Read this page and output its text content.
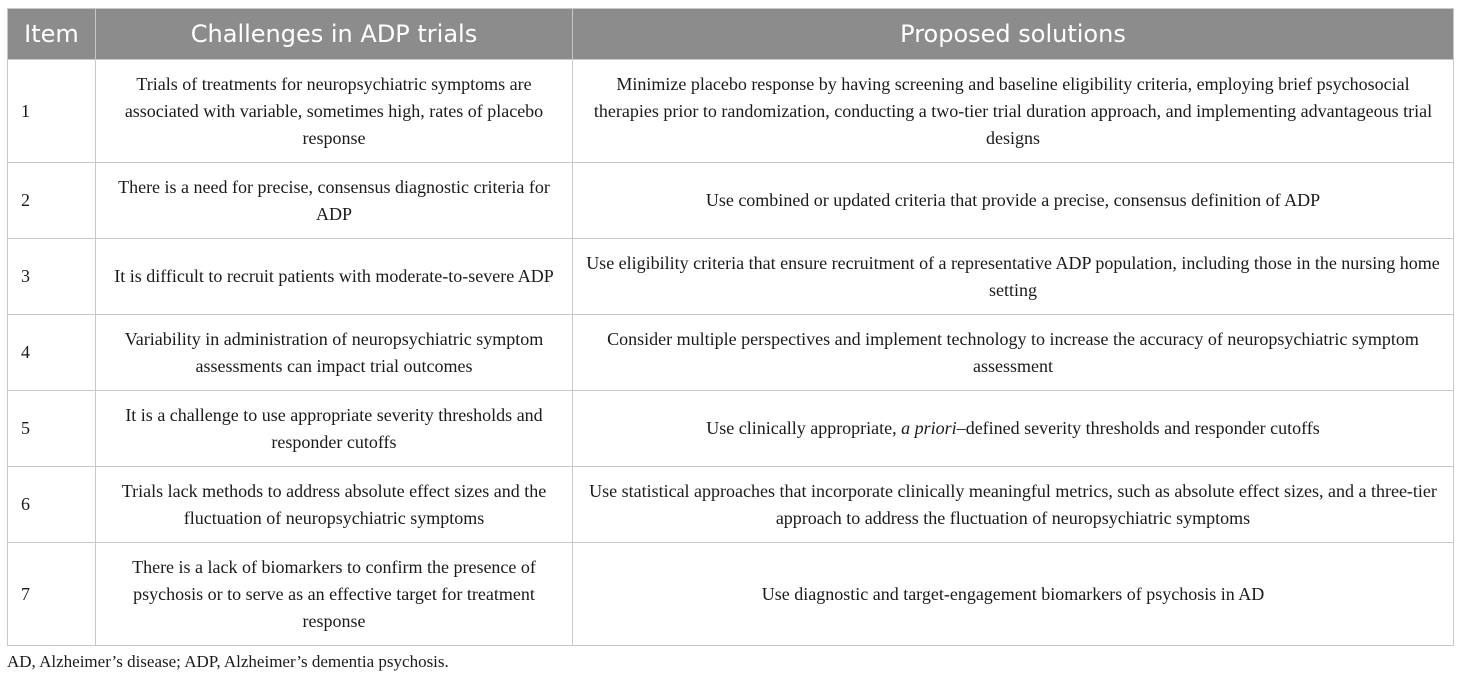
Item	Challenges in ADP trials	Proposed solutions
1	Trials of treatments for neuropsychiatric symptoms are associated with variable, sometimes high, rates of placebo response	Minimize placebo response by having screening and baseline eligibility criteria, employing brief psychosocial therapies prior to randomization, conducting a two-tier trial duration approach, and implementing advantageous trial designs
2	There is a need for precise, consensus diagnostic criteria for ADP	Use combined or updated criteria that provide a precise, consensus definition of ADP
3	It is difficult to recruit patients with moderate-to-severe ADP	Use eligibility criteria that ensure recruitment of a representative ADP population, including those in the nursing home setting
4	Variability in administration of neuropsychiatric symptom assessments can impact trial outcomes	Consider multiple perspectives and implement technology to increase the accuracy of neuropsychiatric symptom assessment
5	It is a challenge to use appropriate severity thresholds and responder cutoffs	Use clinically appropriate, a priori–defined severity thresholds and responder cutoffs
6	Trials lack methods to address absolute effect sizes and the fluctuation of neuropsychiatric symptoms	Use statistical approaches that incorporate clinically meaningful metrics, such as absolute effect sizes, and a three-tier approach to address the fluctuation of neuropsychiatric symptoms
7	There is a lack of biomarkers to confirm the presence of psychosis or to serve as an effective target for treatment response	Use diagnostic and target-engagement biomarkers of psychosis in AD
AD, Alzheimer’s disease; ADP, Alzheimer’s dementia psychosis.
